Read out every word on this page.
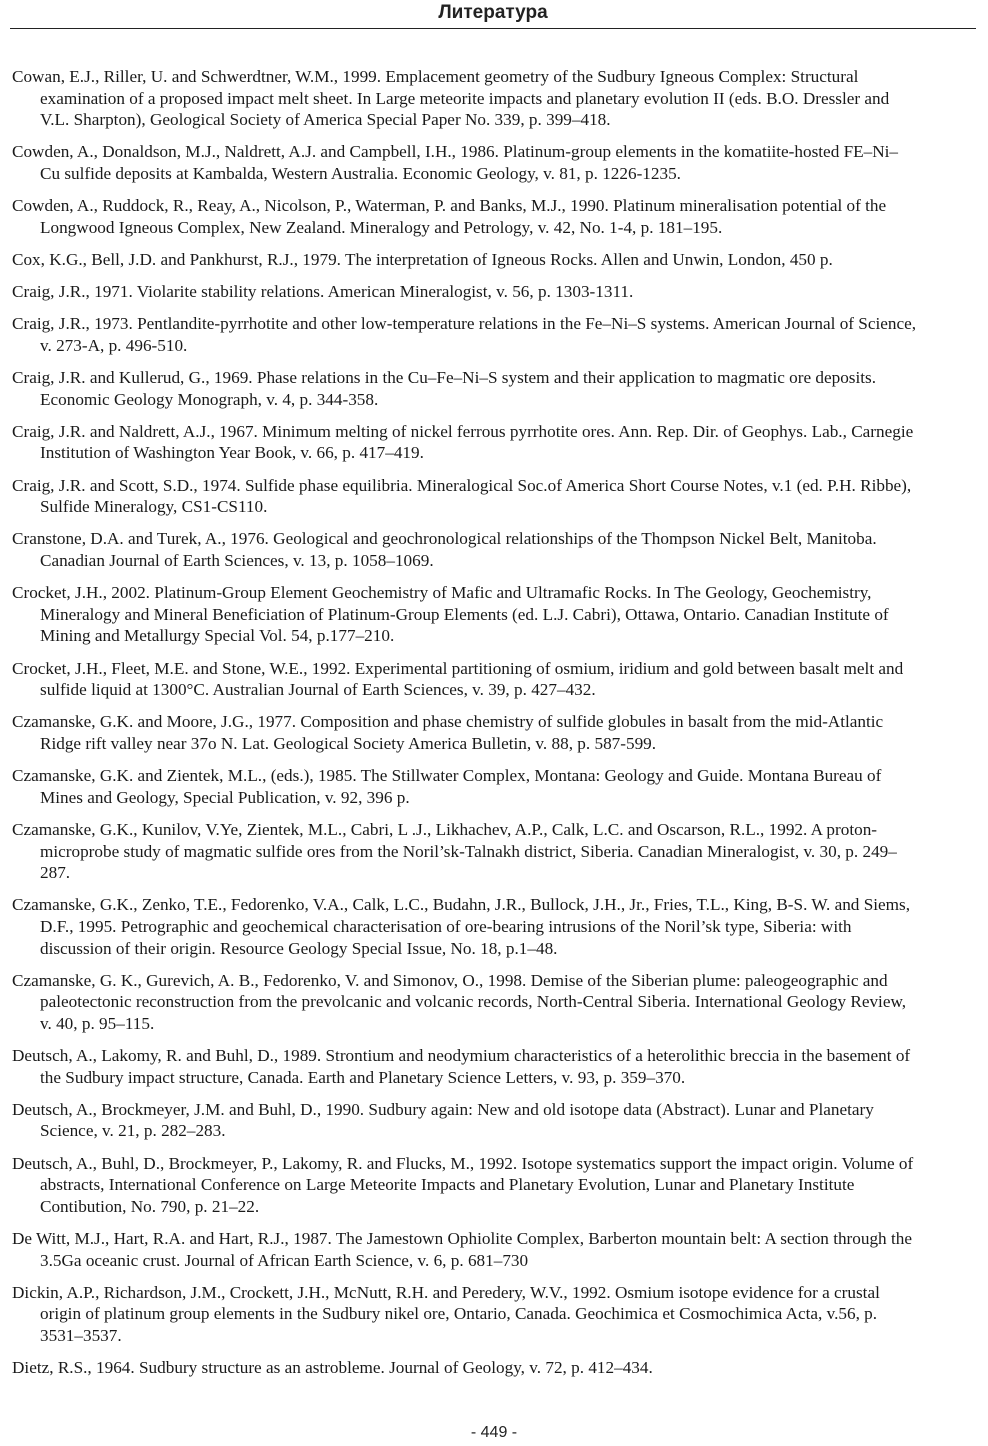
Литература
Cowan, E.J., Riller, U. and Schwerdtner, W.M., 1999. Emplacement geometry of the Sudbury Igneous Complex: Structural examination of a proposed impact melt sheet. In Large meteorite impacts and planetary evolution II (eds. B.O. Dressler and V.L. Sharpton), Geological Society of America Special Paper No. 339, p. 399–418.
Cowden, A., Donaldson, M.J., Naldrett, A.J. and Campbell, I.H., 1986. Platinum-group elements in the komatiite-hosted FE–Ni–Cu sulfide deposits at Kambalda, Western Australia. Economic Geology, v. 81, p. 1226-1235.
Cowden, A., Ruddock, R., Reay, A., Nicolson, P., Waterman, P. and Banks, M.J., 1990. Platinum mineralisation potential of the Longwood Igneous Complex, New Zealand. Mineralogy and Petrology, v. 42, No. 1-4, p. 181–195.
Cox, K.G., Bell, J.D. and Pankhurst, R.J., 1979. The interpretation of Igneous Rocks. Allen and Unwin, London, 450 p.
Craig, J.R., 1971. Violarite stability relations. American Mineralogist, v. 56, p. 1303-1311.
Craig, J.R., 1973. Pentlandite-pyrrhotite and other low-temperature relations in the Fe–Ni–S systems. American Journal of Science, v. 273-A, p. 496-510.
Craig, J.R. and Kullerud, G., 1969. Phase relations in the Cu–Fe–Ni–S system and their application to magmatic ore deposits. Economic Geology Monograph, v. 4, p. 344-358.
Craig, J.R. and Naldrett, A.J., 1967. Minimum melting of nickel ferrous pyrrhotite ores. Ann. Rep. Dir. of Geophys. Lab., Carnegie Institution of Washington Year Book, v. 66, p. 417–419.
Craig, J.R. and Scott, S.D., 1974. Sulfide phase equilibria. Mineralogical Soc.of America Short Course Notes, v.1 (ed. P.H. Ribbe), Sulfide Mineralogy, CS1-CS110.
Cranstone, D.A. and Turek, A., 1976. Geological and geochronological relationships of the Thompson Nickel Belt, Manitoba. Canadian Journal of Earth Sciences, v. 13, p. 1058–1069.
Crocket, J.H., 2002. Platinum-Group Element Geochemistry of Mafic and Ultramafic Rocks. In The Geology, Geochemistry, Mineralogy and Mineral Beneficiation of Platinum-Group Elements (ed. L.J. Cabri), Ottawa, Ontario. Canadian Institute of Mining and Metallurgy Special Vol. 54, p.177–210.
Crocket, J.H., Fleet, M.E. and Stone, W.E., 1992. Experimental partitioning of osmium, iridium and gold between basalt melt and sulfide liquid at 1300°C. Australian Journal of Earth Sciences, v. 39, p. 427–432.
Czamanske, G.K. and Moore, J.G., 1977. Composition and phase chemistry of sulfide globules in basalt from the mid-Atlantic Ridge rift valley near 37o N. Lat. Geological Society America Bulletin, v. 88, p. 587-599.
Czamanske, G.K. and Zientek, M.L., (eds.), 1985. The Stillwater Complex, Montana: Geology and Guide. Montana Bureau of Mines and Geology, Special Publication, v. 92, 396 p.
Czamanske, G.K., Kunilov, V.Ye, Zientek, M.L., Cabri, L .J., Likhachev, A.P., Calk, L.C. and Oscarson, R.L., 1992. A proton-microprobe study of magmatic sulfide ores from the Noril’sk-Talnakh district, Siberia. Canadian Mineralogist, v. 30, p. 249–287.
Czamanske, G.K., Zenko, T.E., Fedorenko, V.A., Calk, L.C., Budahn, J.R., Bullock, J.H., Jr., Fries, T.L., King, B-S. W. and Siems, D.F., 1995. Petrographic and geochemical characterisation of ore-bearing intrusions of the Noril’sk type, Siberia: with discussion of their origin. Resource Geology Special Issue, No. 18, p.1–48.
Czamanske, G. K., Gurevich, A. B., Fedorenko, V. and Simonov, O., 1998. Demise of the Siberian plume: paleogeographic and paleotectonic reconstruction from the prevolcanic and volcanic records, North-Central Siberia. International Geology Review, v. 40, p. 95–115.
Deutsch, A., Lakomy, R. and Buhl, D., 1989. Strontium and neodymium characteristics of a heterolithic breccia in the basement of the Sudbury impact structure, Canada. Earth and Planetary Science Letters, v. 93, p. 359–370.
Deutsch, A., Brockmeyer, J.M. and Buhl, D., 1990. Sudbury again: New and old isotope data (Abstract). Lunar and Planetary Science, v. 21, p. 282–283.
Deutsch, A., Buhl, D., Brockmeyer, P., Lakomy, R. and Flucks, M., 1992. Isotope systematics support the impact origin. Volume of abstracts, International Conference on Large Meteorite Impacts and Planetary Evolution, Lunar and Planetary Institute Contibution, No. 790, p. 21–22.
De Witt, M.J., Hart, R.A. and Hart, R.J., 1987. The Jamestown Ophiolite Complex, Barberton mountain belt: A section through the 3.5Ga oceanic crust. Journal of African Earth Science, v. 6, p. 681–730
Dickin, A.P., Richardson, J.M., Crockett, J.H., McNutt, R.H. and Peredery, W.V., 1992. Osmium isotope evidence for a crustal origin of platinum group elements in the Sudbury nikel ore, Ontario, Canada. Geochimica et Cosmochimica Acta, v.56, p. 3531–3537.
Dietz, R.S., 1964. Sudbury structure as an astrobleme. Journal of Geology, v. 72, p. 412–434.
- 449 -
